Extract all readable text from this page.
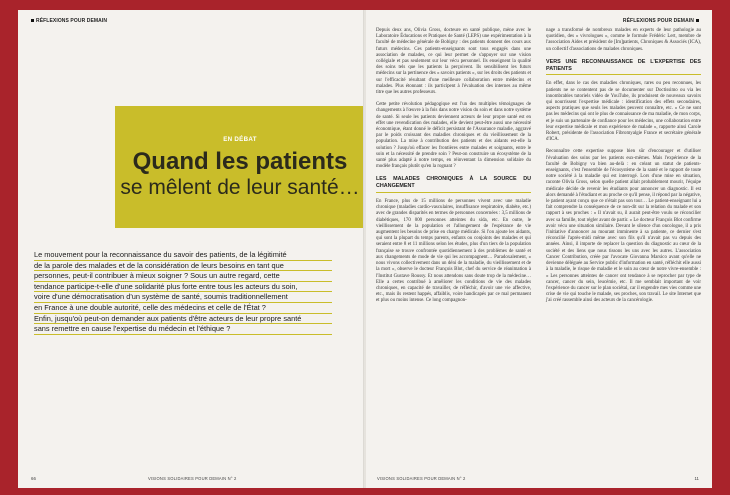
RÉFLEXIONS POUR DEMAIN
EN DÉBAT
Quand les patients
se mêlent de leur santé…
Le mouvement pour la reconnaissance du savoir des patients, de la légitimité
de la parole des malades et de la considération de leurs besoins en tant que
personnes, peut-il contribuer à mieux soigner ? Sous un autre regard, cette
tendance participe-t-elle d'une solidarité plus forte entre tous les acteurs du soin,
voire d'une démocratisation d'un système de santé, soumis traditionnellement
en France à une double autorité, celle des médecins et celle de l'État ?
Enfin, jusqu'où peut-on demander aux patients d'être acteurs de leur propre santé
sans remettre en cause l'expertise du médecin et l'éthique ?
66	VISIONS SOLIDAIRES POUR DEMAIN N° 2
RÉFLEXIONS POUR DEMAIN

Depuis deux ans, Olivia Gross, docteure en santé publique, mène avec le Laboratoire Éducations et Pratiques de Santé (LEPS) une expérimentation à la faculté de médecine générale de Bobigny : des patients donnent des cours aux futurs médecins. Ces patients-enseignants sont tous engagés dans une association de malades, ce qui leur permet de s'appuyer sur une vision collégiale et pas seulement sur leur vécu personnel. Ils enseignent la qualité des soins tels que les patients la perçoivent. Ils sensibilisent les futurs médecins sur la pertinence des « savoirs patients », sur les droits des patients et sur l'efficacité résultant d'une meilleure collaboration entre médecins et malades. Plus étonnant : ils participent à l'évaluation des internes au même titre que les autres professeurs.

Cette petite révolution pédagogique est l'un des multiples témoignages de changements à l'œuvre à la fois dans notre vision du soin et dans notre système de santé. Si seule les patients deviennent acteurs de leur propre santé est en effet une revendication des malades, elle devient peut-être aussi une nécessité économique, étant donné le déficit persistant de l'Assurance maladie, aggravé par le poids croissant des maladies chroniques et du vieillissement de la population. La mise à contribution des patients et des aidants est-elle la solution ? Jusqu'où effacer les frontières entre malades et soignants, entre le soin et la nécessité de prendre soin ? Peut-on construire un écosystème de la santé plus adapté à notre temps, en réinventant la dimension solidaire du modèle français plutôt qu'en la rognant ?

LES MALADES CHRONIQUES À LA SOURCE DU CHANGEMENT

En France, plus de 15 millions de personnes vivent avec une maladie chronique (maladies cardio-vasculaires, insuffisance respiratoire, diabète, etc.) avec de grandes disparités en termes de personnes concernées : 3,5 millions de diabétiques, 170 000 personnes atteintes du sida, etc. En outre, le vieillissement de la population et l'allongement de l'espérance de vie augmentent les besoins de prise en charge médicale. Si l'on ajoute les aidants, qui sont la plupart du temps parents, enfants ou conjoints des malades et qui seraient entre 8 et 11 millions selon les études, plus d'un tiers de la population française se trouve confrontée quotidiennement à des problèmes de santé et aux changements de mode de vie qui les accompagnent… Paradoxalement, « nous vivons collectivement dans un déni de la maladie, du vieillissement et de la mort », observe le docteur François Blot, chef du service de réanimation à l'Institut Gustave Roussy. Et nous attendons sans doute trop de la médecine… Elle a certes contribué à améliorer les conditions de vie des malades chroniques, en capacité de travailler, de réfléchir, d'avoir une vie affective, etc., mais ils restent happés, affaiblis, voire handicapés par ce mal permanent et plus ou moins intense. Ce long compagnon-

nage a transformé de nombreux malades en experts de leur pathologie au quotidien, des « vivrologues », comme le formule Frédéric Lert, membre de l'association Aides et président de [Im]patients, Chroniques & Associés (ICA), un collectif d'associations de malades chroniques.

VERS UNE RECONNAISSANCE DE L'EXPERTISE DES PATIENTS

En effet, dans le cas des maladies chroniques, rares ou peu reconnues, les patients ne se contentent pas de se documenter sur Doctissimo ou via les innombrables tutoriels vidéo de YouTube, ils produisent de nouveaux savoirs qui nourrissent l'expertise médicale : identification des effets secondaires, aspects pratiques que seuls les malades peuvent connaître, etc. « Ce ne sont pas les médecins qui ont le plus de connaissance de ma maladie, de mon corps, et je suis un partenaire de confiance pour les médecins, une collaboration entre leur expertise médicale et mon expérience de malade », rapporte ainsi Carole Robert, présidente de l'association Fibromyalgie France et secrétaire générale d'ICA.

Reconnaître cette expertise suppose bien sûr d'encourager et d'utiliser l'évaluation des soins par les patients eux-mêmes. Mais l'expérience de la faculté de Bobigny va bien au-delà : en créant un statut de patients-enseignants, c'est l'ensemble de l'écosystème de la santé et le rapport de toute notre société à la maladie qui est interrogé. Lors d'une mise en situation, raconte Olivia Gross, selon quelle patient allait probablement mourir, l'équipe médicale décide de revenir les étudiants pour annoncer un diagnostic. Il est alors demandé à l'étudiant et au proche ce qu'il pense, il répond par la négative, le patient ayant conçu que ce n'était pas son tour… Le patient-enseignant lui a fait comprendre la conséquence de ce non-dit sur la relation du malade et son rapport à ses proches : « Il n'avait su, il aurait peut-être voulu se réconcilier avec sa famille, tout régler avant de partir. » Le docteur François Blot confirme avoir vécu une situation similaire. Devant le silence d'un oncologue, il a pris l'initiative d'annoncer au mourant imminente à sa patiente, ce dernier s'est réconcilié l'après-midi même avec son fils qu'il n'avait pas vu depuis des années. Ainsi, il importe de replacer la question du diagnostic au cœur de la société et des liens que nous tissons les uns avec les autres. L'association Cancer Contribution, créée par l'avocate Giovanna Marsico avant qu'elle ne devienne déléguée au Service public d'information en santé, réfléchit elle aussi à la maladie, le risque de maladie et le soin au cœur de notre vivre-ensemble : « Les personnes atteintes de cancer ont tendance à se reprocher par type de cancer, cancer du sein, leucémie, etc. Il me semblait important de voir l'expérience du cancer sur le plan sociétal, car il engendre mes vies comme une crise de vie qui touche le malade, ses proches, son travail. Le site Internet que j'ai créé rassemble ainsi des acteurs de la cancérologie.

VISIONS SOLIDAIRES POUR DEMAIN N° 2	11
